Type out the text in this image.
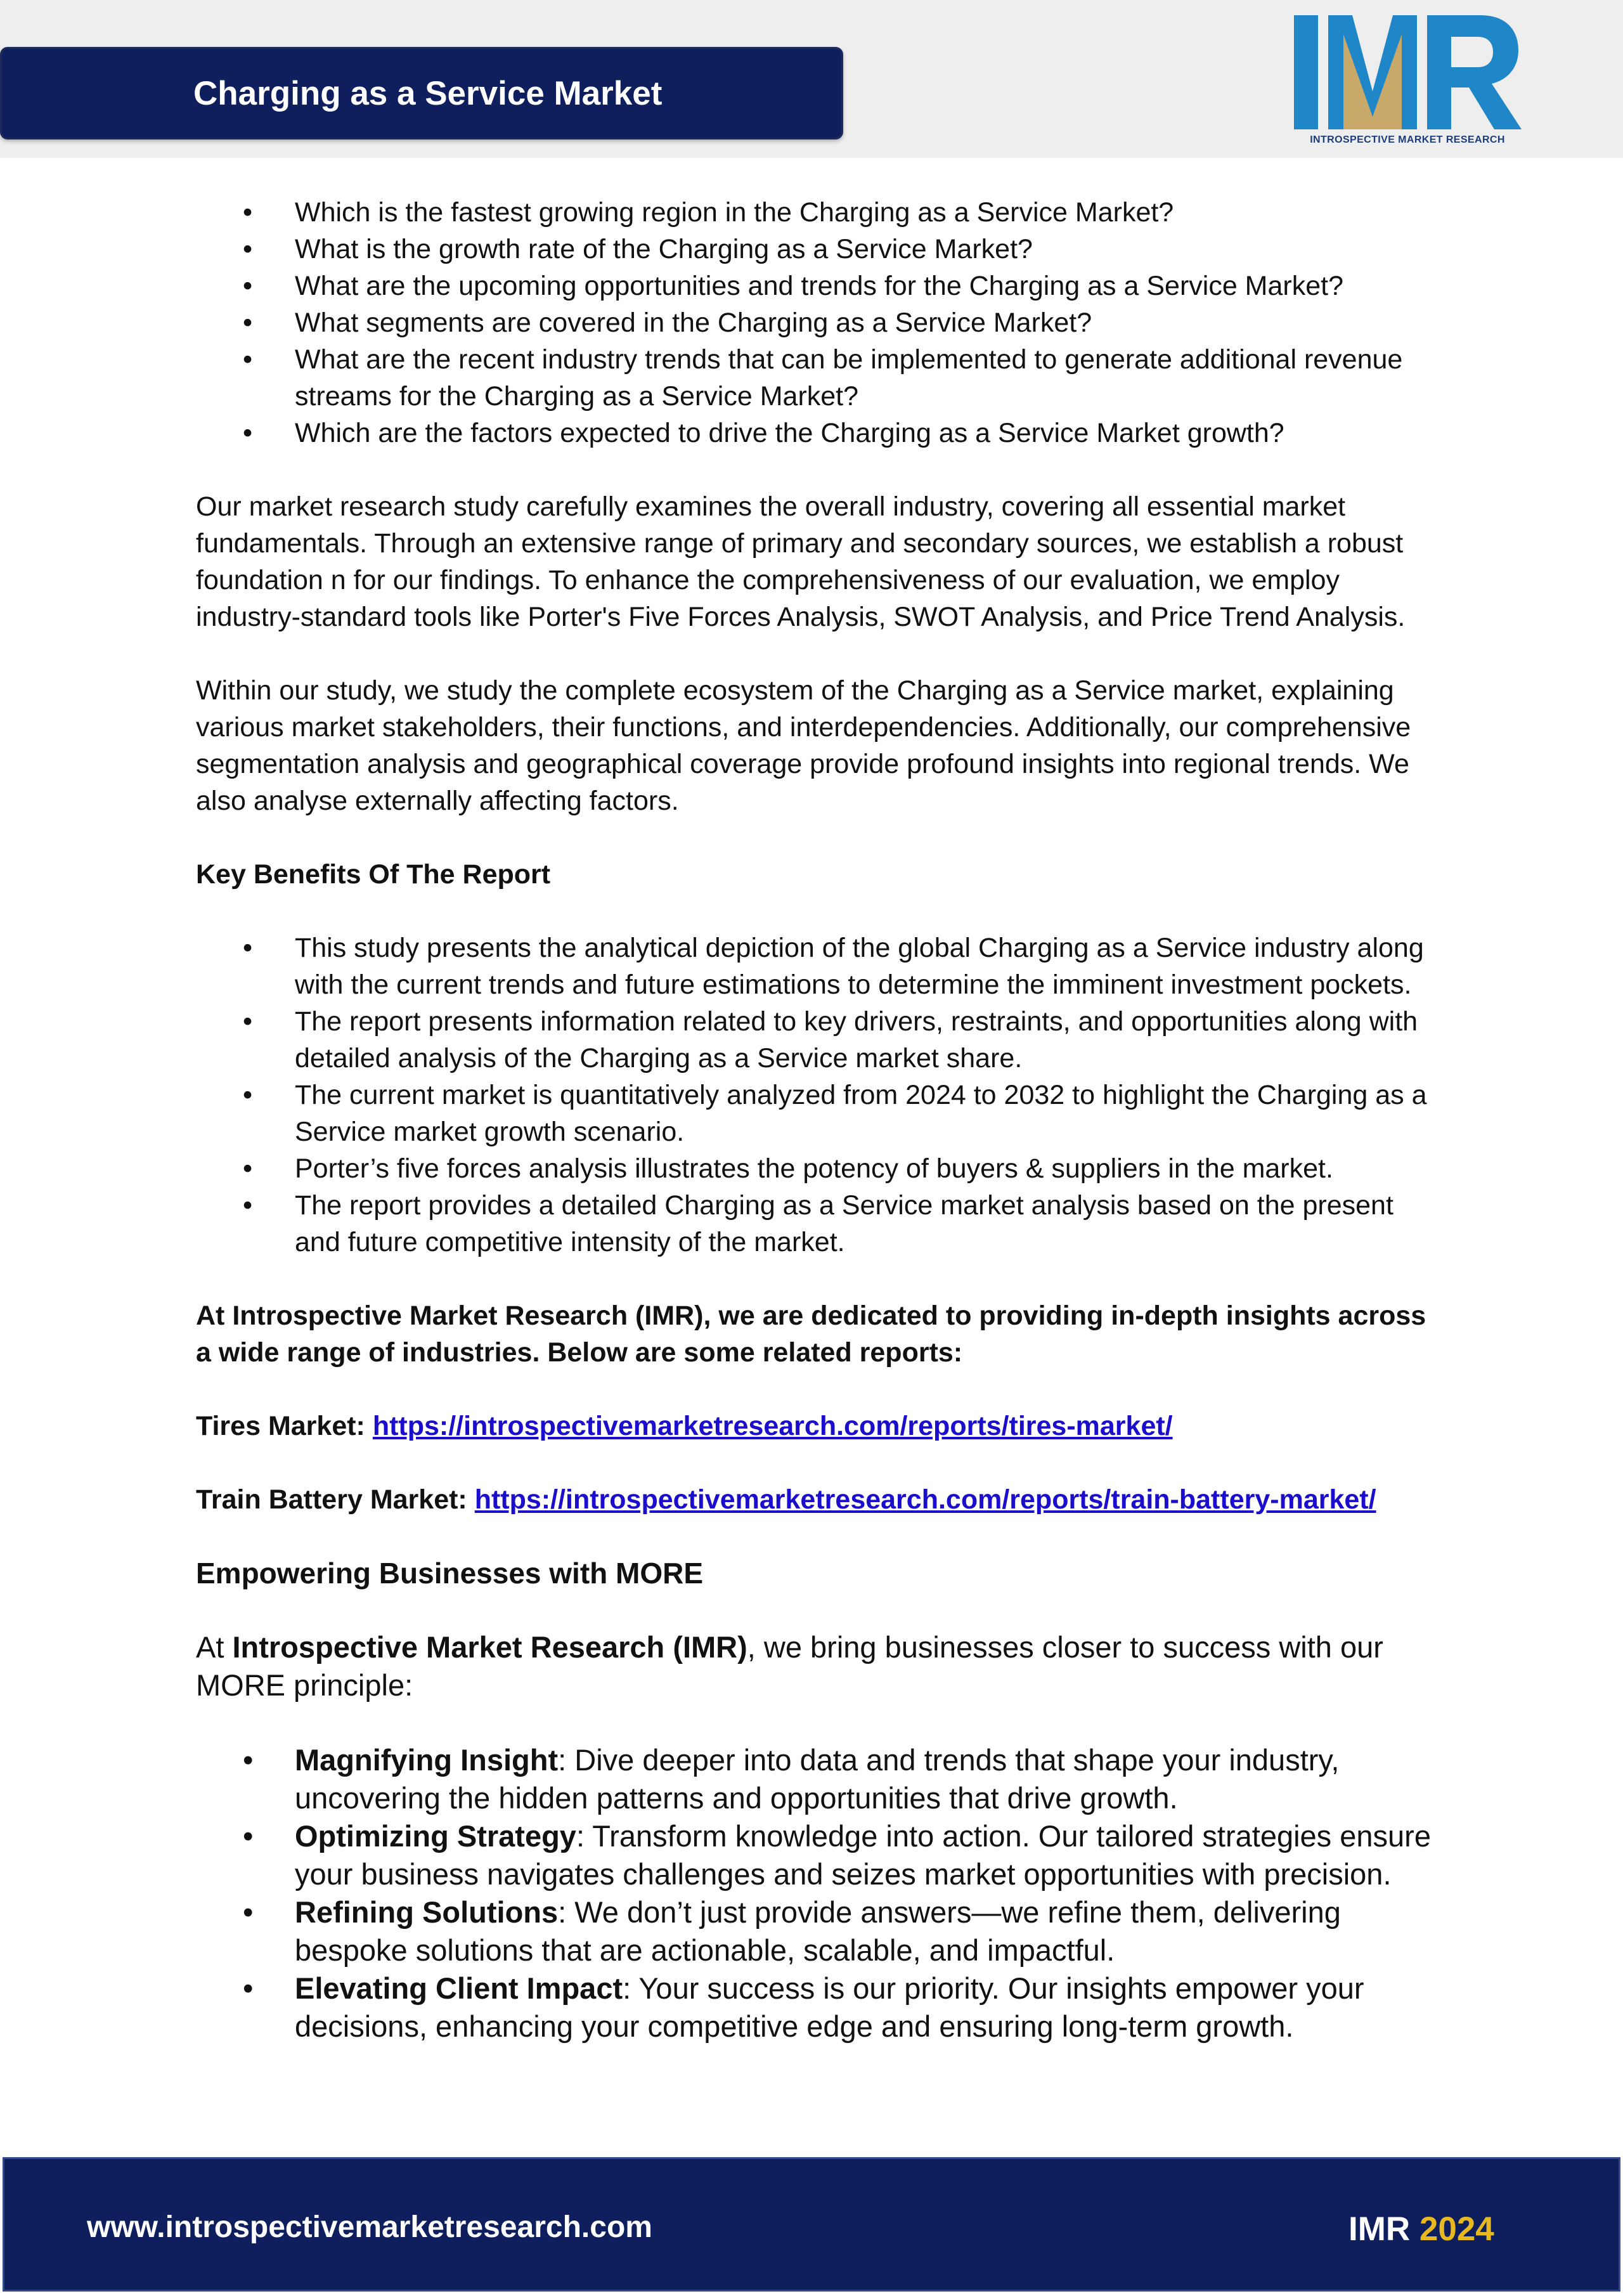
Charging as a Service Market
INTROSPECTIVE MARKET RESEARCH
• Which is the fastest growing region in the Charging as a Service Market?
• What is the growth rate of the Charging as a Service Market?
• What are the upcoming opportunities and trends for the Charging as a Service Market?
• What segments are covered in the Charging as a Service Market?
• What are the recent industry trends that can be implemented to generate additional revenue streams for the Charging as a Service Market?
• Which are the factors expected to drive the Charging as a Service Market growth?

Our market research study carefully examines the overall industry, covering all essential market fundamentals. Through an extensive range of primary and secondary sources, we establish a robust foundation n for our findings. To enhance the comprehensiveness of our evaluation, we employ industry-standard tools like Porter's Five Forces Analysis, SWOT Analysis, and Price Trend Analysis.

Within our study, we study the complete ecosystem of the Charging as a Service market, explaining various market stakeholders, their functions, and interdependencies. Additionally, our comprehensive segmentation analysis and geographical coverage provide profound insights into regional trends. We also analyse externally affecting factors.

Key Benefits Of The Report

• This study presents the analytical depiction of the global Charging as a Service industry along with the current trends and future estimations to determine the imminent investment pockets.
• The report presents information related to key drivers, restraints, and opportunities along with detailed analysis of the Charging as a Service market share.
• The current market is quantitatively analyzed from 2024 to 2032 to highlight the Charging as a Service market growth scenario.
• Porter’s five forces analysis illustrates the potency of buyers & suppliers in the market.
• The report provides a detailed Charging as a Service market analysis based on the present and future competitive intensity of the market.

At Introspective Market Research (IMR), we are dedicated to providing in-depth insights across a wide range of industries. Below are some related reports:

Tires Market: https://introspectivemarketresearch.com/reports/tires-market/

Train Battery Market: https://introspectivemarketresearch.com/reports/train-battery-market/

Empowering Businesses with MORE

At Introspective Market Research (IMR), we bring businesses closer to success with our MORE principle:

• Magnifying Insight: Dive deeper into data and trends that shape your industry, uncovering the hidden patterns and opportunities that drive growth.
• Optimizing Strategy: Transform knowledge into action. Our tailored strategies ensure your business navigates challenges and seizes market opportunities with precision.
• Refining Solutions: We don’t just provide answers—we refine them, delivering bespoke solutions that are actionable, scalable, and impactful.
• Elevating Client Impact: Your success is our priority. Our insights empower your decisions, enhancing your competitive edge and ensuring long-term growth.
www.introspectivemarketresearch.com	IMR 2024
